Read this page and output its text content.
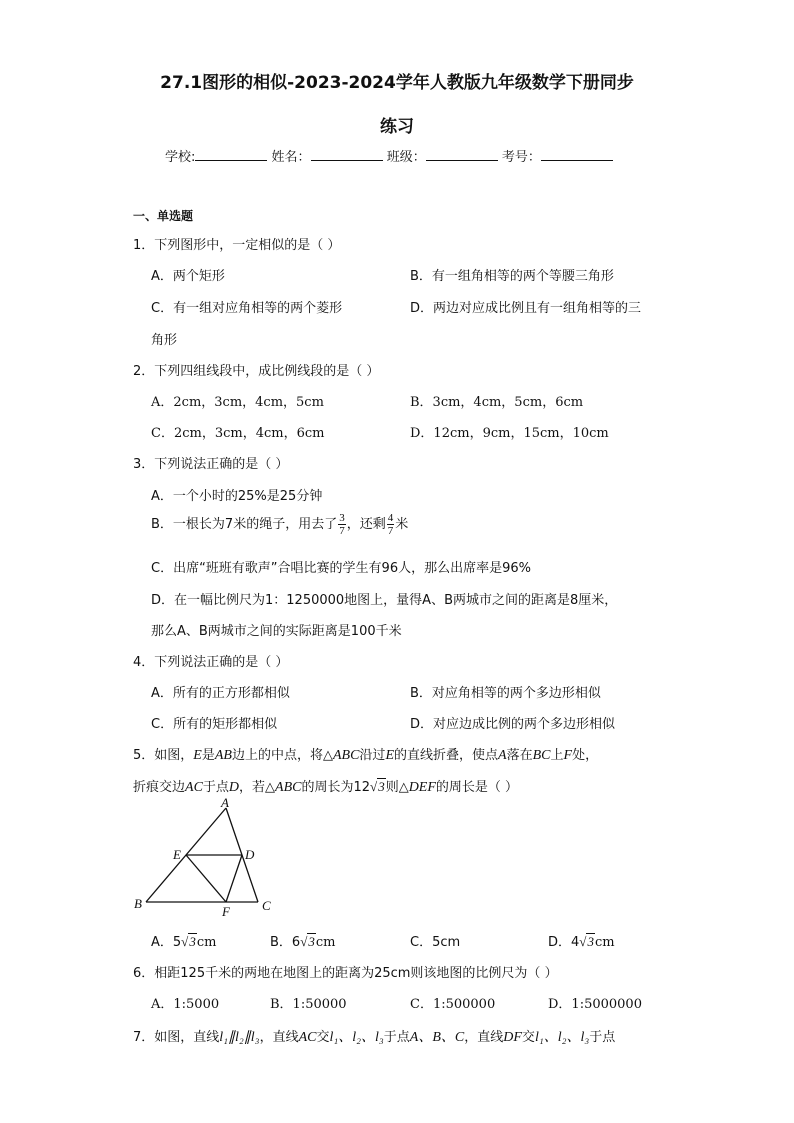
27.1图形的相似-2023-2024学年人教版九年级数学下册同步
练习
学校:	姓名：	班级：	考号：
一、单选题
1．下列图形中，一定相似的是（ ）
A．两个矩形	B．有一组角相等的两个等腰三角形
C．有一组对应角相等的两个菱形	D．两边对应成比例且有一组角相等的三
角形
2．下列四组线段中，成比例线段的是（ ）
A．2cm，3cm，4cm，5cm	B．3cm，4cm，5cm，6cm
C．2cm，3cm，4cm，6cm	D．12cm，9cm，15cm，10cm
3．下列说法正确的是（ ）
A．一个小时的25%是25分钟
B．一根长为7米的绳子，用去了 $\frac{3}{7}$ ，还剩 $\frac{4}{7}$ 米
C．出席“班班有歌声”合唱比赛的学生有96人，那么出席率是96%
D．在一幅比例尺为1：1250000地图上，量得A、B两城市之间的距离是8厘米，
那么A、B两城市之间的实际距离是100千米
4．下列说法正确的是（ ）
A．所有的正方形都相似	B．对应角相等的两个多边形相似
C．所有的矩形都相似	D．对应边成比例的两个多边形相似
5．如图，E是AB边上的中点，将△ABC沿过E的直线折叠，使点A落在BC上F处，
折痕交边AC于点D，若△ABC的周长为12√3则△DEF的周长是（ ）
A
B	C
D
E
F
A．5√3cm	B．6√3cm	C．5cm	D．4√3cm
6．相距125千米的两地在地图上的距离为25cm则该地图的比例尺为（ ）
A．1:5000	B．1:50000	C．1:500000	D．1:5000000
7．如图，直线l₁∥l₂∥l₃，直线AC交l₁、l₂、l₃于点A、B、C，直线DF交l₁、l₂、l₃于点
